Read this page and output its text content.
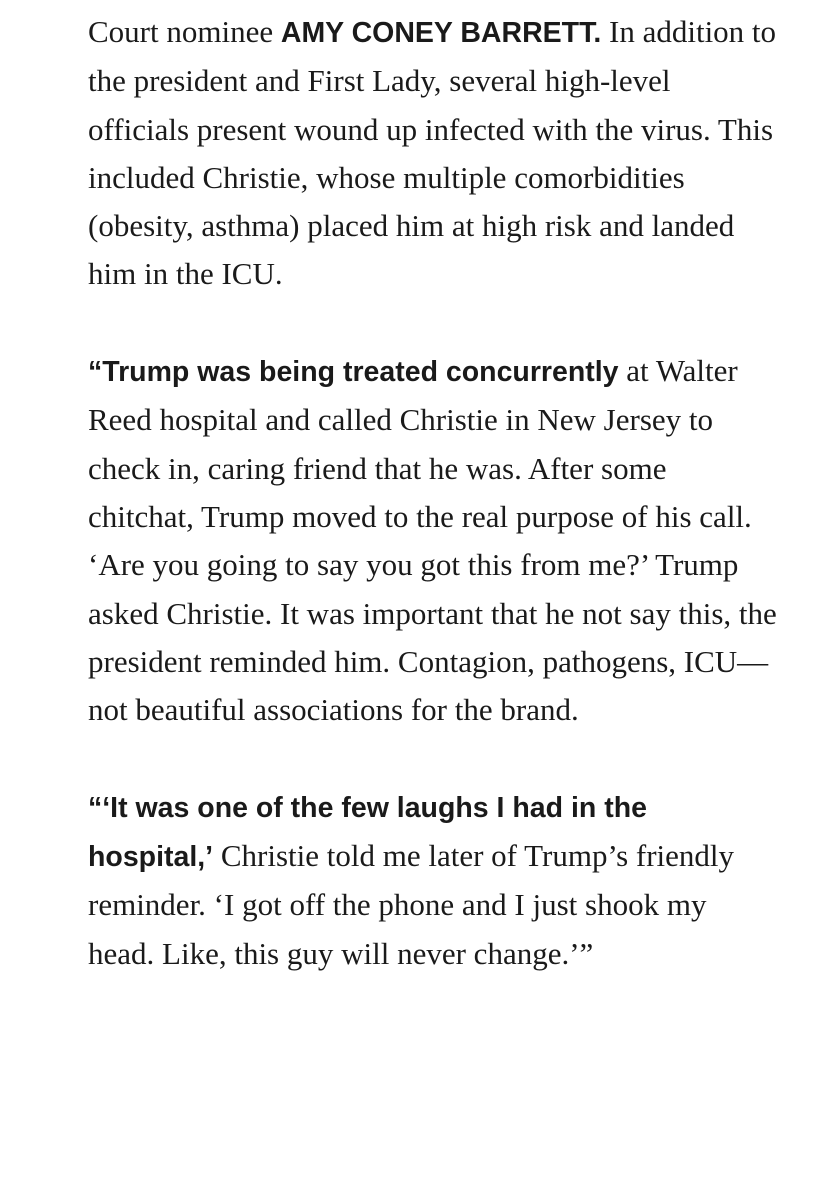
Court nominee AMY CONEY BARRETT. In addition to the president and First Lady, several high-level officials present wound up infected with the virus. This included Christie, whose multiple comorbidities (obesity, asthma) placed him at high risk and landed him in the ICU.

“Trump was being treated concurrently at Walter Reed hospital and called Christie in New Jersey to check in, caring friend that he was. After some chitchat, Trump moved to the real purpose of his call. ‘Are you going to say you got this from me?’ Trump asked Christie. It was important that he not say this, the president reminded him. Contagion, pathogens, ICU—not beautiful associations for the brand.

“‘It was one of the few laughs I had in the hospital,’ Christie told me later of Trump’s friendly reminder. ‘I got off the phone and I just shook my head. Like, this guy will never change.’”
